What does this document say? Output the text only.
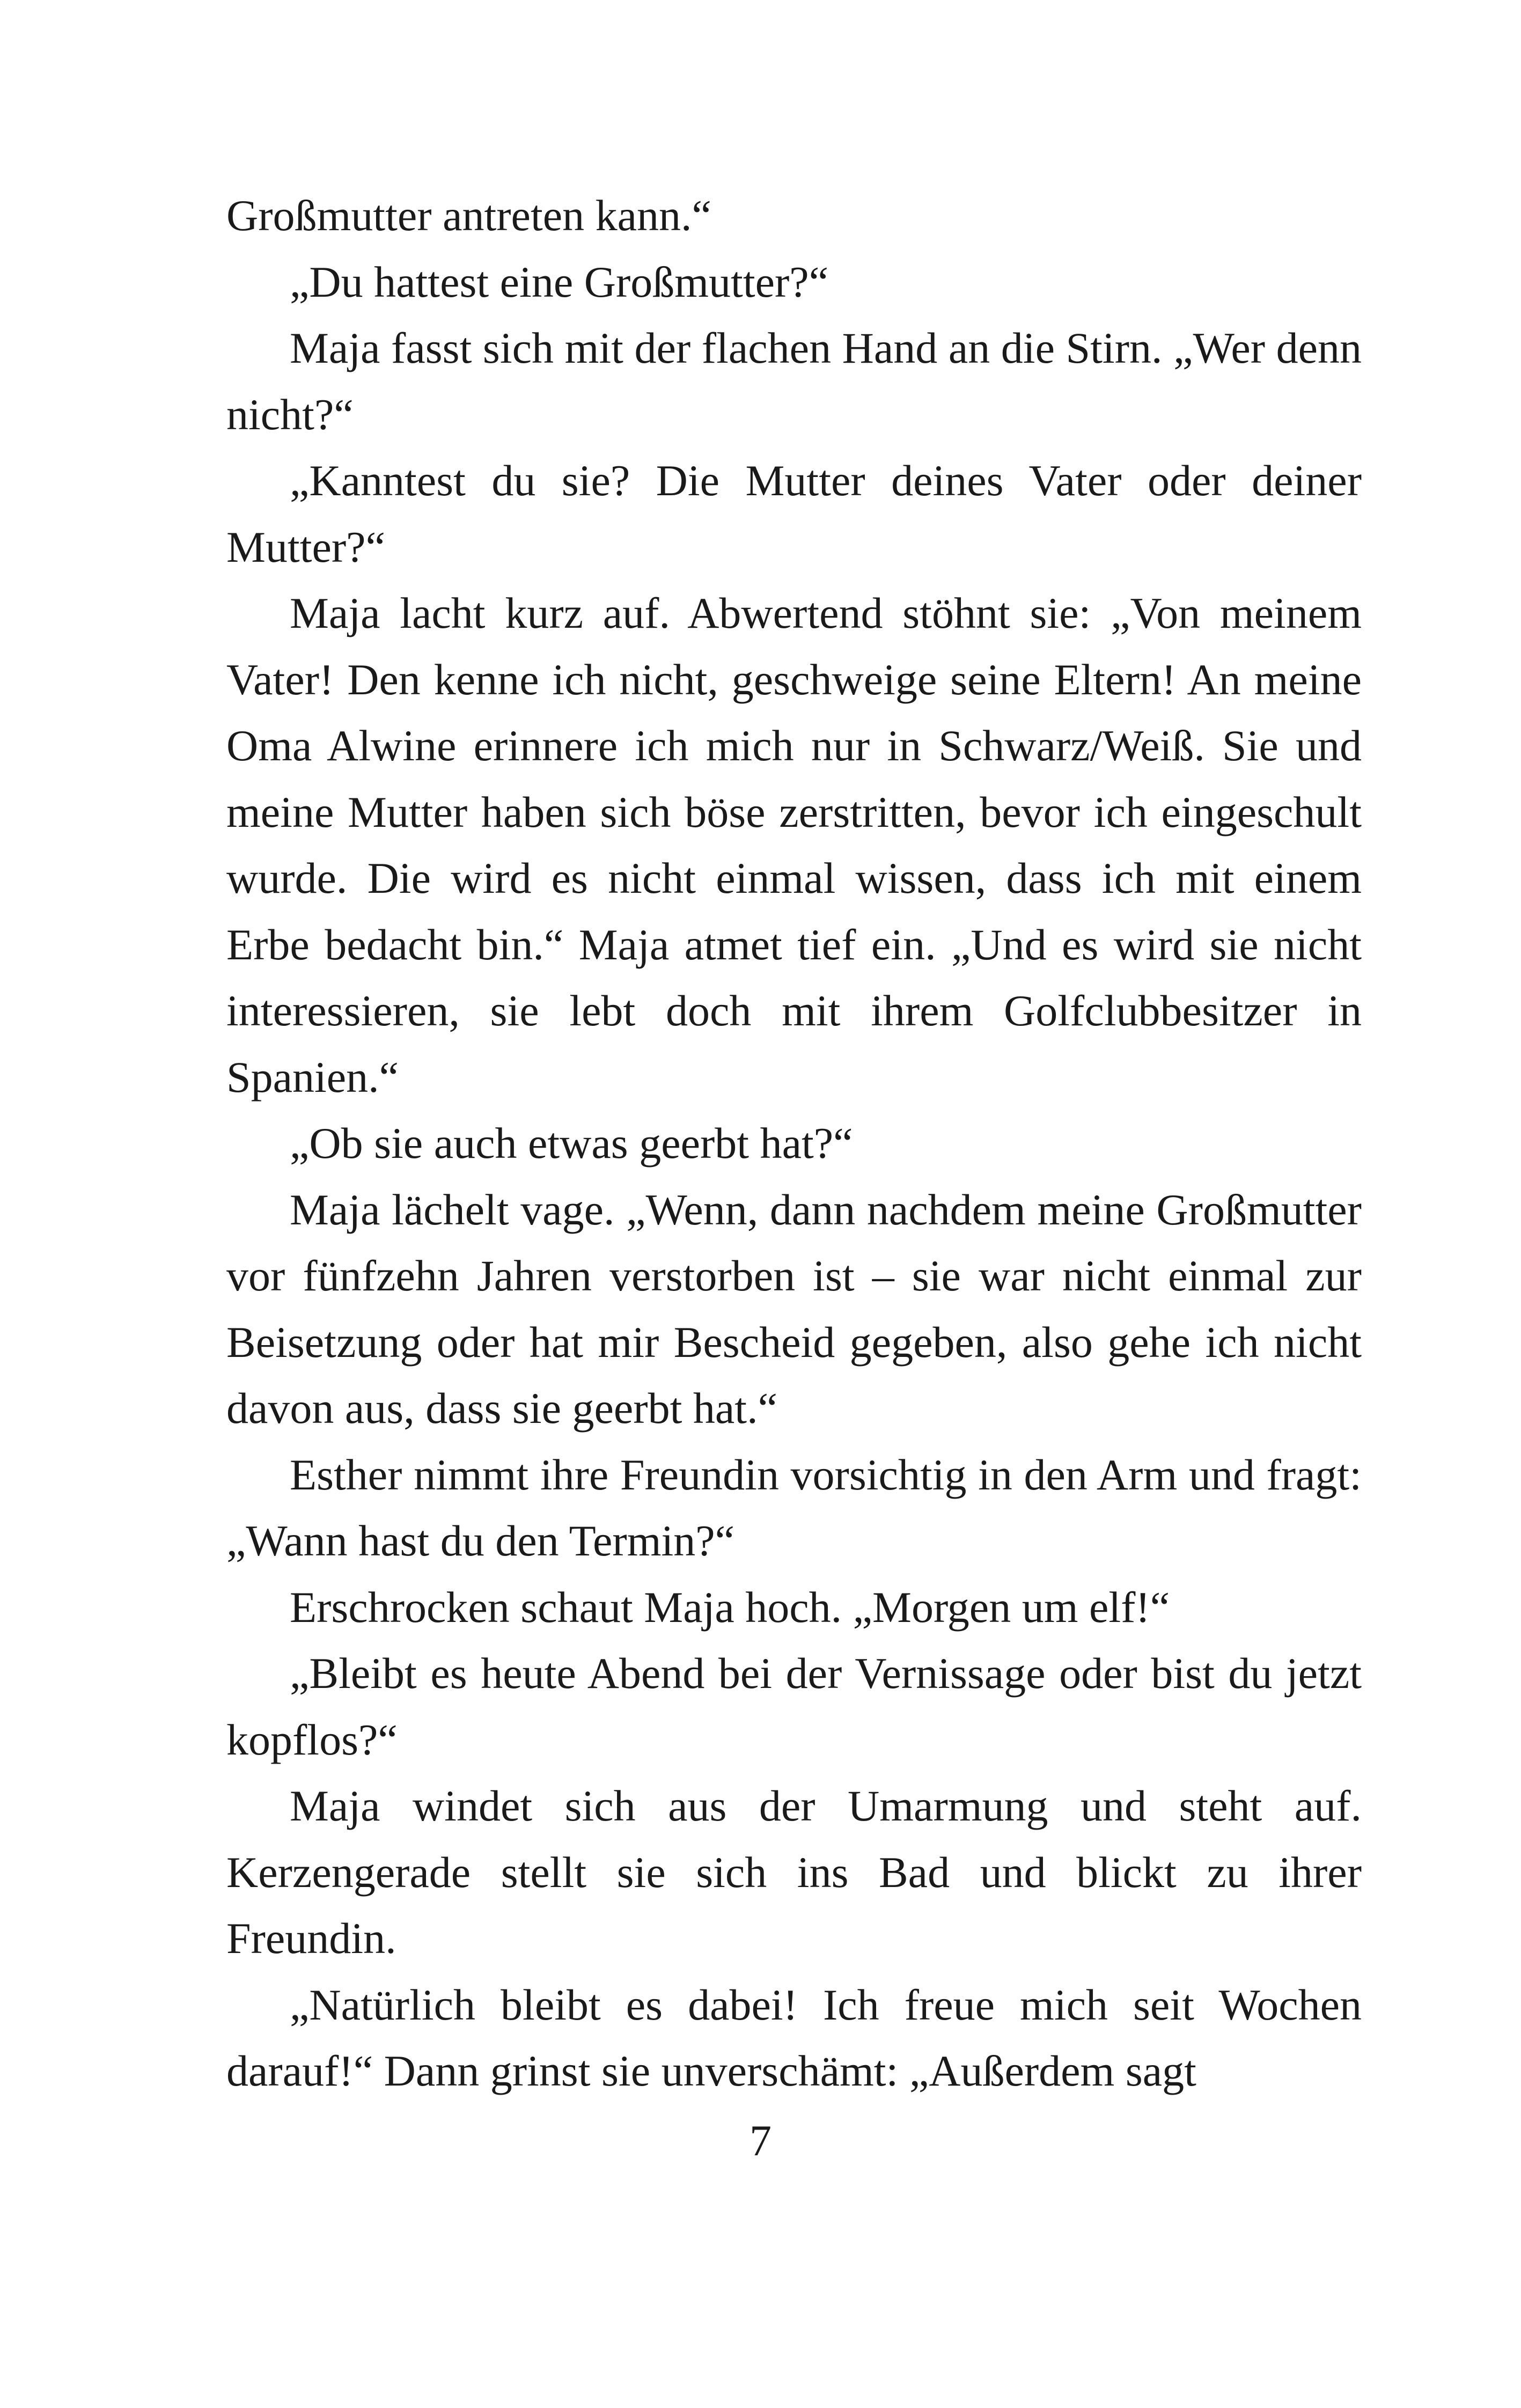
Großmutter antreten kann.“

„Du hattest eine Großmutter?“

Maja fasst sich mit der flachen Hand an die Stirn. „Wer denn nicht?“

„Kanntest du sie? Die Mutter deines Vater oder deiner Mutter?“

Maja lacht kurz auf. Abwertend stöhnt sie: „Von meinem Vater! Den kenne ich nicht, geschweige seine Eltern! An meine Oma Alwine erinnere ich mich nur in Schwarz/Weiß. Sie und meine Mutter haben sich böse zerstritten, bevor ich eingeschult wurde. Die wird es nicht einmal wissen, dass ich mit einem Erbe bedacht bin.“ Maja atmet tief ein. „Und es wird sie nicht interessieren, sie lebt doch mit ihrem Golfclubbesitzer in Spanien.“

„Ob sie auch etwas geerbt hat?“

Maja lächelt vage. „Wenn, dann nachdem meine Großmutter vor fünfzehn Jahren verstorben ist – sie war nicht einmal zur Beisetzung oder hat mir Bescheid gegeben, also gehe ich nicht davon aus, dass sie geerbt hat.“

Esther nimmt ihre Freundin vorsichtig in den Arm und fragt: „Wann hast du den Termin?“

Erschrocken schaut Maja hoch. „Morgen um elf!“

„Bleibt es heute Abend bei der Vernissage oder bist du jetzt kopflos?“

Maja windet sich aus der Umarmung und steht auf. Kerzengerade stellt sie sich ins Bad und blickt zu ihrer Freundin.

„Natürlich bleibt es dabei! Ich freue mich seit Wochen darauf!“ Dann grinst sie unverschämt: „Außerdem sagt

7
